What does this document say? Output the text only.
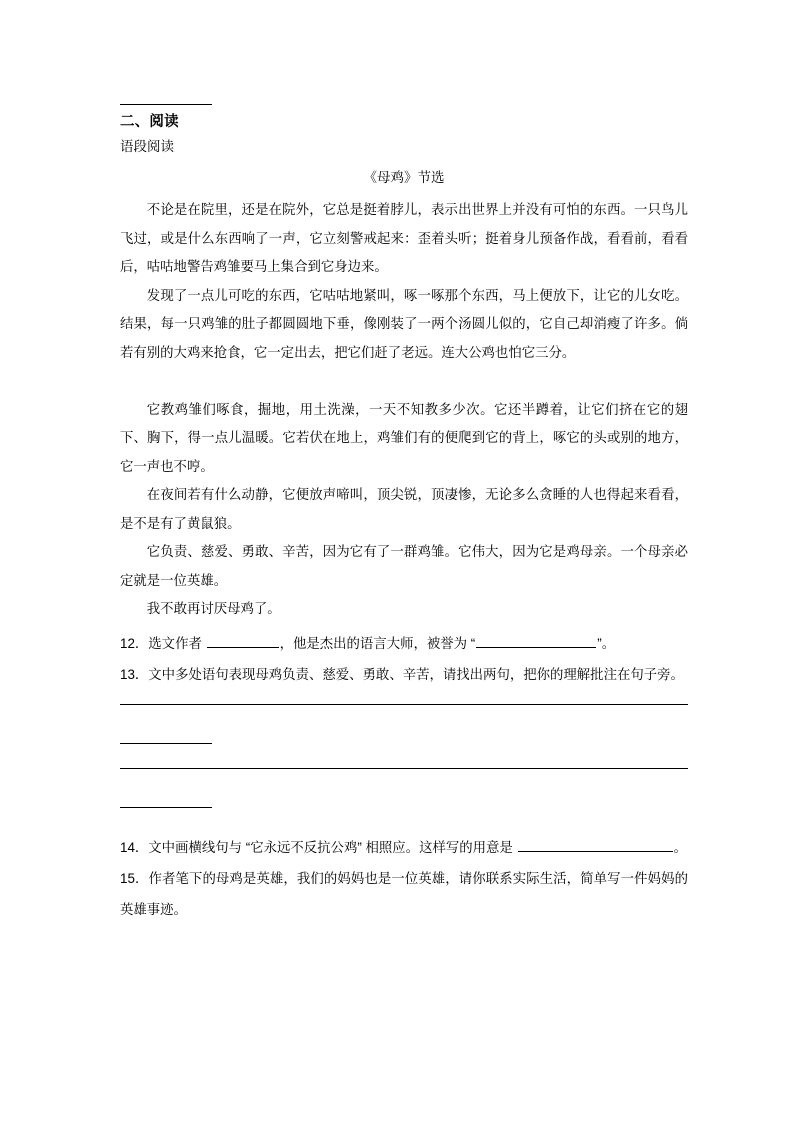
二、阅读
语段阅读
《母鸡》节选

不论是在院里，还是在院外，它总是挺着脖儿，表示出世界上并没有可怕的东西。一只鸟儿飞过，或是什么东西响了一声，它立刻警戒起来：歪着头听；挺着身儿预备作战，看看前，看看后，咕咕地警告鸡雏要马上集合到它身边来。

发现了一点儿可吃的东西，它咕咕地紧叫，啄一啄那个东西，马上便放下，让它的儿女吃。结果，每一只鸡雏的肚子都圆圆地下垂，像刚装了一两个汤圆儿似的，它自己却消瘦了许多。倘若有别的大鸡来抢食，它一定出去，把它们赶了老远。连大公鸡也怕它三分。

它教鸡雏们啄食，掘地，用土洗澡，一天不知教多少次。它还半蹲着，让它们挤在它的翅下、胸下，得一点儿温暖。它若伏在地上，鸡雏们有的便爬到它的背上，啄它的头或别的地方，它一声也不哼。

在夜间若有什么动静，它便放声啼叫，顶尖锐，顶凄惨，无论多么贪睡的人也得起来看看，是不是有了黄鼠狼。

它负责、慈爱、勇敢、辛苦，因为它有了一群鸡雏。它伟大，因为它是鸡母亲。一个母亲必定就是一位英雄。

我不敢再讨厌母鸡了。

12．选文作者	，他是杰出的语言大师，被誉为 “	”。

13．文中多处语句表现母鸡负责、慈爱、勇敢、辛苦，请找出两句，把你的理解批注在句子旁。

14．文中画横线句与 “它永远不反抗公鸡” 相照应。这样写的用意是	。

15．作者笔下的母鸡是英雄，我们的妈妈也是一位英雄，请你联系实际生活，简单写一件妈妈的英雄事迹。
